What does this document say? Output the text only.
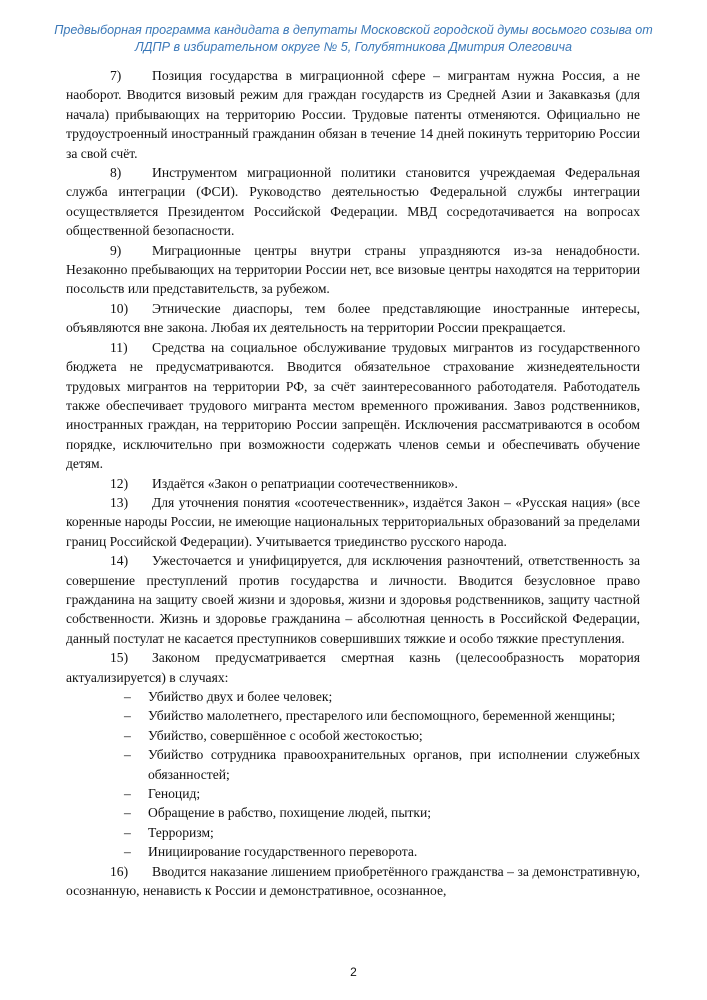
Предвыборная программа кандидата в депутаты Московской городской думы восьмого созыва от
ЛДПР в избирательном округе № 5, Голубятникова Дмитрия Олеговича

7) Позиция государства в миграционной сфере – мигрантам нужна Россия, а не наоборот. Вводится визовый режим для граждан государств из Средней Азии и Закавказья (для начала) прибывающих на территорию России. Трудовые патенты отменяются. Официально не трудоустроенный иностранный гражданин обязан в течение 14 дней покинуть территорию России за свой счёт.

8) Инструментом миграционной политики становится учреждаемая Федеральная служба интеграции (ФСИ). Руководство деятельностью Федеральной службы интеграции осуществляется Президентом Российской Федерации. МВД сосредотачивается на вопросах общественной безопасности.

9) Миграционные центры внутри страны упраздняются из-за ненадобности. Незаконно пребывающих на территории России нет, все визовые центры находятся на территории посольств или представительств, за рубежом.

10) Этнические диаспоры, тем более представляющие иностранные интересы, объявляются вне закона. Любая их деятельность на территории России прекращается.

11) Средства на социальное обслуживание трудовых мигрантов из государственного бюджета не предусматриваются. Вводится обязательное страхование жизнедеятельности трудовых мигрантов на территории РФ, за счёт заинтересованного работодателя. Работодатель также обеспечивает трудового мигранта местом временного проживания. Завоз родственников, иностранных граждан, на территорию России запрещён. Исключения рассматриваются в особом порядке, исключительно при возможности содержать членов семьи и обеспечивать обучение детям.

12) Издаётся «Закон о репатриации соотечественников».

13) Для уточнения понятия «соотечественник», издаётся Закон – «Русская нация» (все коренные народы России, не имеющие национальных территориальных образований за пределами границ Российской Федерации). Учитывается триединство русского народа.

14) Ужесточается и унифицируется, для исключения разночтений, ответственность за совершение преступлений против государства и личности. Вводится безусловное право гражданина на защиту своей жизни и здоровья, жизни и здоровья родственников, защиту частной собственности. Жизнь и здоровье гражданина – абсолютная ценность в Российской Федерации, данный постулат не касается преступников совершивших тяжкие и особо тяжкие преступления.

15) Законом предусматривается смертная казнь (целесообразность моратория актуализируется) в случаях:

– Убийство двух и более человек;
– Убийство малолетнего, престарелого или беспомощного, беременной женщины;
– Убийство, совершённое с особой жестокостью;
– Убийство сотрудника правоохранительных органов, при исполнении служебных обязанностей;
– Геноцид;
– Обращение в рабство, похищение людей, пытки;
– Терроризм;
– Инициирование государственного переворота.

16) Вводится наказание лишением приобретённого гражданства – за демонстративную, осознанную, ненависть к России и демонстративное, осознанное,

2
